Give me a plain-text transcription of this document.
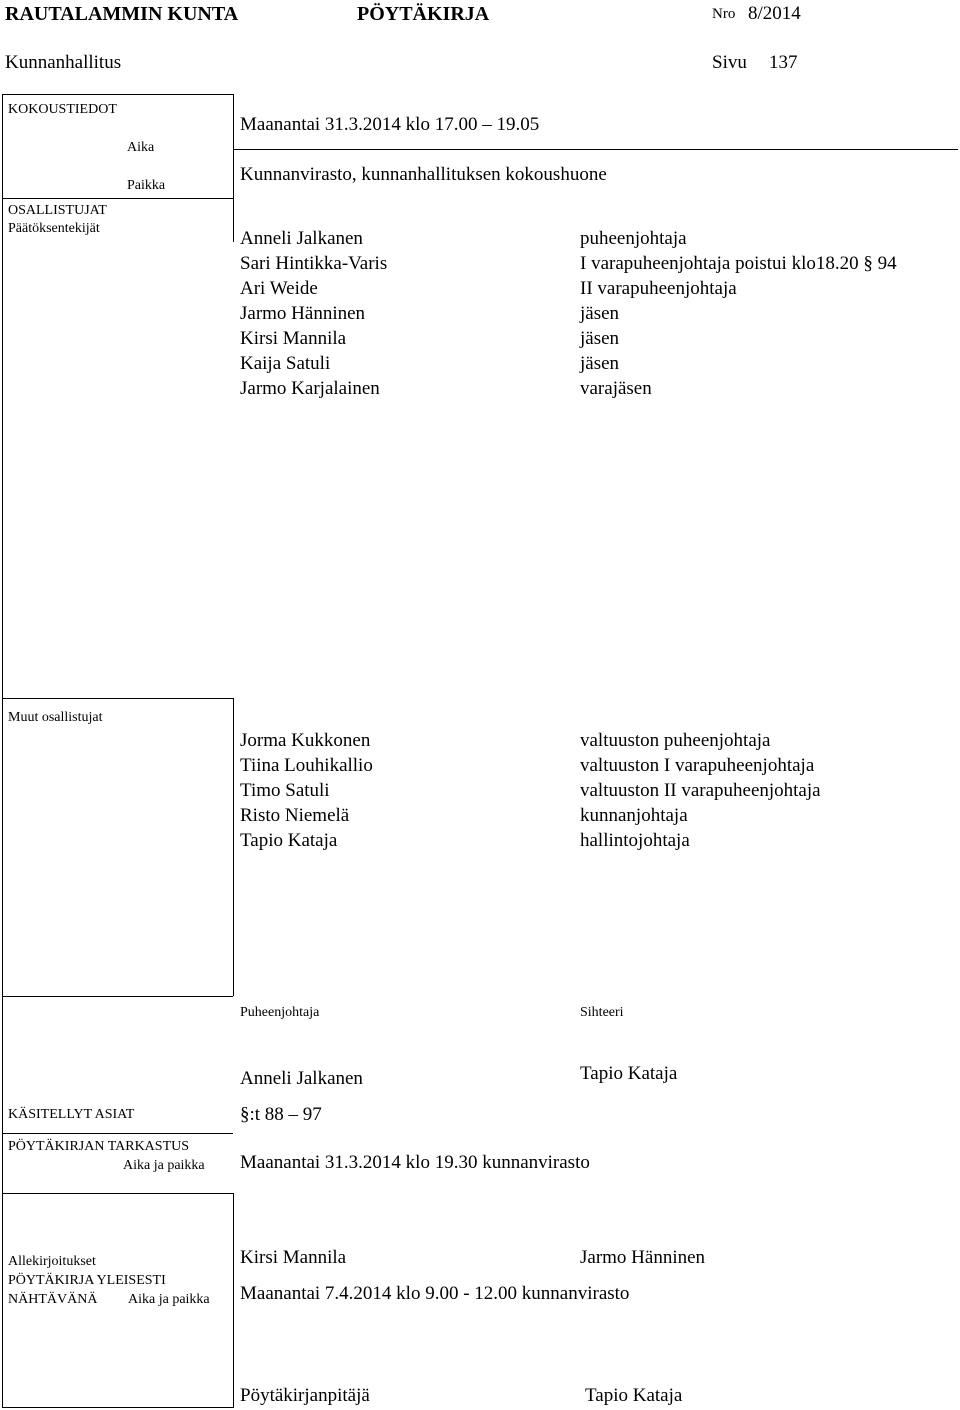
RAUTALAMMIN KUNTA	PÖYTÄKIRJA	Nro 8/2014
Kunnanhallitus	Sivu 137
KOKOUSTIEDOT
Aika
Paikka
Maanantai 31.3.2014 klo 17.00 – 19.05
Kunnanvirasto, kunnanhallituksen kokoushuone
OSALLISTUJAT
Päätöksentekijät	Anneli Jalkanen	puheenjohtaja
Sari Hintikka-Varis	I varapuheenjohtaja poistui klo18.20 § 94
Ari Weide	II varapuheenjohtaja
Jarmo Hänninen	jäsen
Kirsi Mannila	jäsen
Kaija Satuli	jäsen
Jarmo Karjalainen	varajäsen
Muut osallistujat
Jorma Kukkonen	valtuuston puheenjohtaja
Tiina Louhikallio	valtuuston I varapuheenjohtaja
Timo Satuli	valtuuston II varapuheenjohtaja
Risto Niemelä	kunnanjohtaja
Tapio Kataja	hallintojohtaja
Puheenjohtaja	Sihteeri
Anneli Jalkanen	Tapio Kataja
KÄSITELLYT ASIAT	§:t 88 – 97
PÖYTÄKIRJAN TARKASTUS
Aika ja paikka Maanantai 31.3.2014 klo 19.30 kunnanvirasto
Allekirjoitukset	Kirsi Mannila	Jarmo Hänninen
PÖYTÄKIRJA YLEISESTI
NÄHTÄVÄNÄ Aika ja paikka Maanantai 7.4.2014 klo 9.00 - 12.00 kunnanvirasto
Pöytäkirjanpitäjä	Tapio Kataja
